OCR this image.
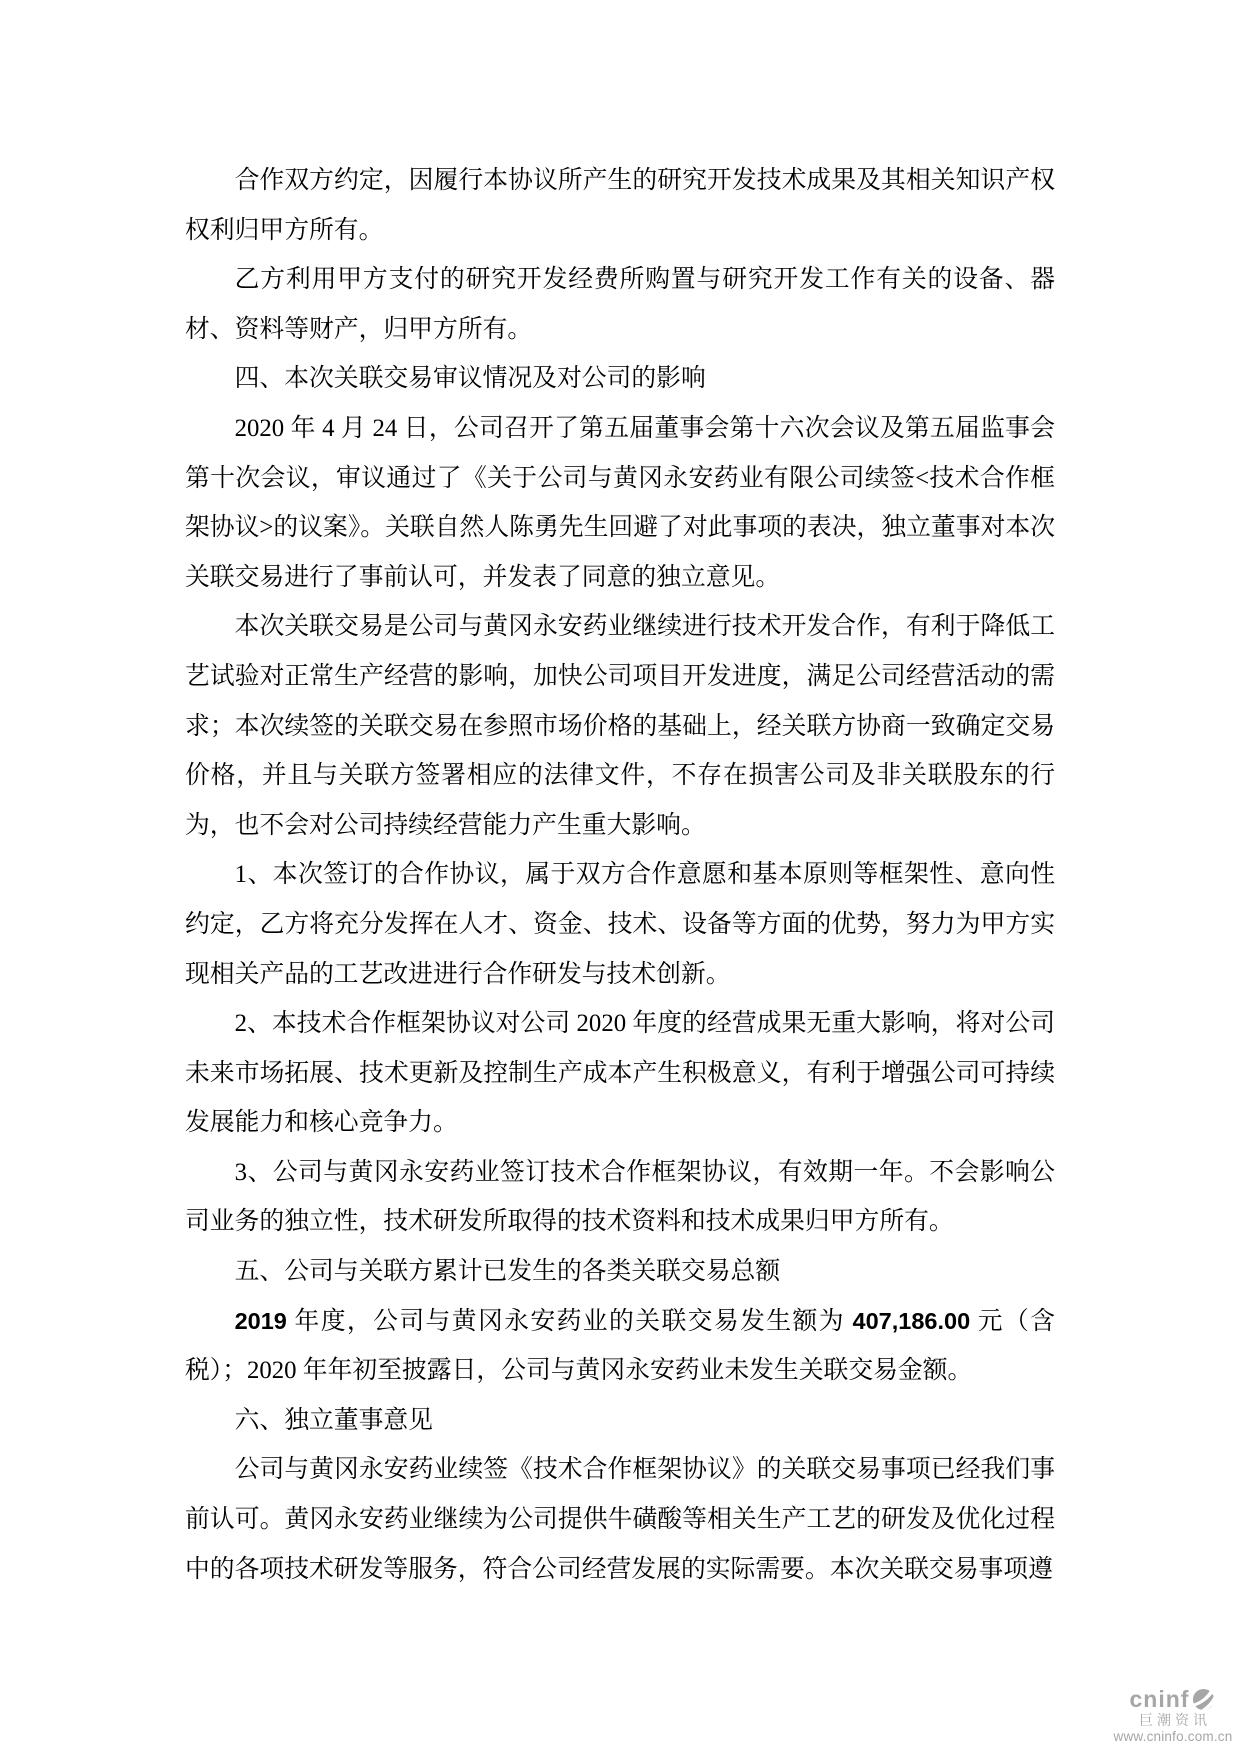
合作双方约定，因履行本协议所产生的研究开发技术成果及其相关知识产权权利归甲方所有。

乙方利用甲方支付的研究开发经费所购置与研究开发工作有关的设备、器材、资料等财产，归甲方所有。

四、本次关联交易审议情况及对公司的影响

2020 年 4 月 24 日，公司召开了第五届董事会第十六次会议及第五届监事会第十次会议，审议通过了《关于公司与黄冈永安药业有限公司续签<技术合作框架协议>的议案》。关联自然人陈勇先生回避了对此事项的表决，独立董事对本次关联交易进行了事前认可，并发表了同意的独立意见。

本次关联交易是公司与黄冈永安药业继续进行技术开发合作，有利于降低工艺试验对正常生产经营的影响，加快公司项目开发进度，满足公司经营活动的需求；本次续签的关联交易在参照市场价格的基础上，经关联方协商一致确定交易价格，并且与关联方签署相应的法律文件，不存在损害公司及非关联股东的行为，也不会对公司持续经营能力产生重大影响。

1、本次签订的合作协议，属于双方合作意愿和基本原则等框架性、意向性约定，乙方将充分发挥在人才、资金、技术、设备等方面的优势，努力为甲方实现相关产品的工艺改进进行合作研发与技术创新。

2、本技术合作框架协议对公司 2020 年度的经营成果无重大影响，将对公司未来市场拓展、技术更新及控制生产成本产生积极意义，有利于增强公司可持续发展能力和核心竞争力。

3、公司与黄冈永安药业签订技术合作框架协议，有效期一年。不会影响公司业务的独立性，技术研发所取得的技术资料和技术成果归甲方所有。

五、公司与关联方累计已发生的各类关联交易总额

2019 年度，公司与黄冈永安药业的关联交易发生额为 407,186.00 元（含税）；2020 年年初至披露日，公司与黄冈永安药业未发生关联交易金额。

六、独立董事意见

公司与黄冈永安药业续签《技术合作框架协议》的关联交易事项已经我们事前认可。黄冈永安药业继续为公司提供牛磺酸等相关生产工艺的研发及优化过程中的各项技术研发等服务，符合公司经营发展的实际需要。本次关联交易事项遵

cninf
巨潮资讯
www.cninfo.com.cn
